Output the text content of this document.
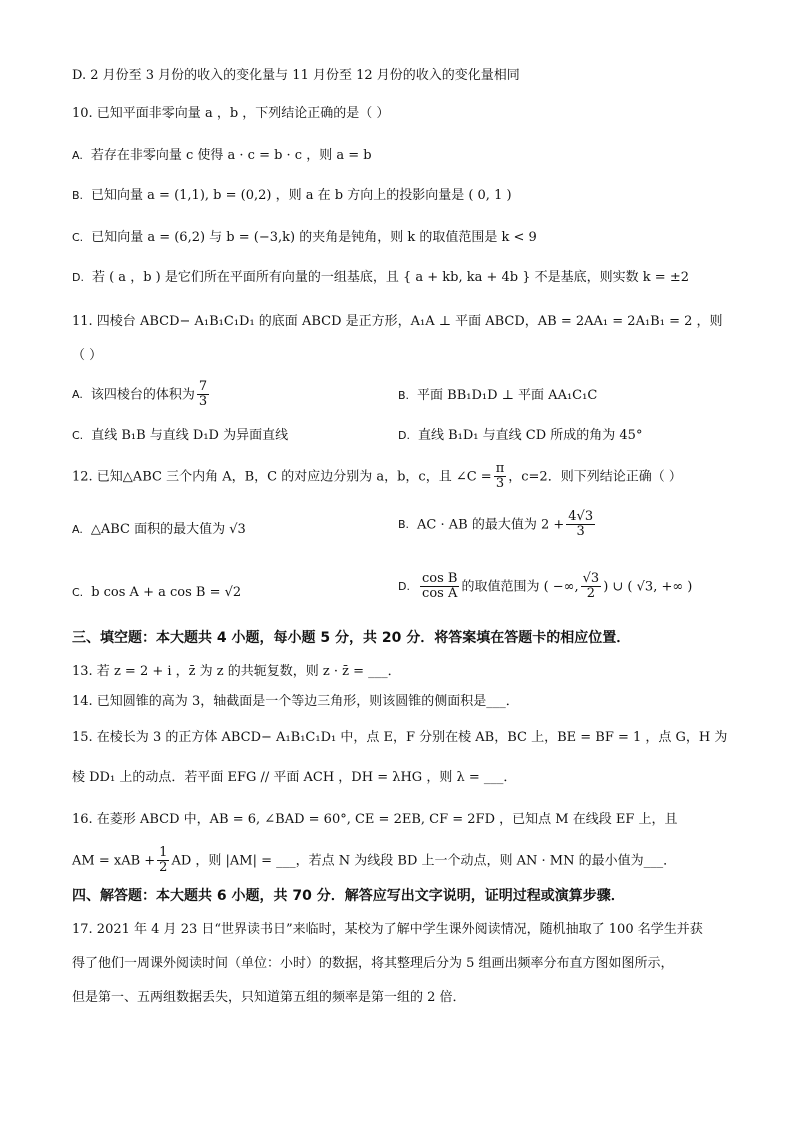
D. 2 月份至 3 月份的收入的变化量与 11 月份至 12 月份的收入的变化量相同
10. 已知平面非零向量 a ，b ，下列结论正确的是（ ）
A. 若存在非零向量 c 使得 a · c = b · c ，则 a = b
B. 已知向量 a = (1,1), b = (0,2) ，则 a 在 b 方向上的投影向量是 ( 0, 1 )
C. 已知向量 a = (6,2) 与 b = (−3,k) 的夹角是钝角，则 k 的取值范围是 k < 9
D. 若 ( a ，b ) 是它们所在平面所有向量的一组基底，且 { a + kb, ka + 4b } 不是基底，则实数 k = ±2
11. 四棱台 ABCD− A₁B₁C₁D₁ 的底面 ABCD 是正方形，A₁A ⊥ 平面 ABCD，AB = 2AA₁ = 2A₁B₁ = 2 ，则
（ ）
A. 该四棱台的体积为 $\frac{7}{3}$	B. 平面 BB₁D₁D ⊥ 平面 AA₁C₁C
C. 直线 B₁B 与直线 D₁D 为异面直线	D. 直线 B₁D₁ 与直线 CD 所成的角为 45°
12. 已知△ABC 三个内角 A，B，C 的对应边分别为 a，b，c，且 ∠C = $\frac{\pi}{3}$ ，c=2．则下列结论正确（ ）
A. △ABC 面积的最大值为 √3	B. AC · AB 的最大值为 $2 + \frac{4√3}{3}$
C. b cos A + a cos B = √2	D. $\frac{\text{cos B}}{\text{cos A}}$ 的取值范围为 ( −∞, $\frac{√3}{2}$ ) ∪ ( √3, +∞ )
三、填空题：本大题共 4 小题，每小题 5 分，共 20 分．将答案填在答题卡的相应位置．
13. 若 z = 2 + i ，z̄ 为 z 的共轭复数，则 z · z̄ = ___．
14. 已知圆锥的高为 3，轴截面是一个等边三角形，则该圆锥的侧面积是___．
15. 在棱长为 3 的正方体 ABCD− A₁B₁C₁D₁ 中，点 E，F 分别在棱 AB，BC 上，BE = BF = 1 ，点 G，H 为
棱 DD₁ 上的动点．若平面 EFG // 平面 ACH ，DH = λHG ，则 λ = ___．
16. 在菱形 ABCD 中，AB = 6, ∠BAD = 60°, CE = 2EB, CF = 2FD ，已知点 M 在线段 EF 上，且
AM = xAB + $\frac{1}{2}$ AD ，则 |AM| = ___，若点 N 为线段 BD 上一个动点，则 AN · MN 的最小值为___．
四、解答题：本大题共 6 小题，共 70 分．解答应写出文字说明，证明过程或演算步骤．
17. 2021 年 4 月 23 日“世界读书日”来临时，某校为了解中学生课外阅读情况，随机抽取了 100 名学生并获
得了他们一周课外阅读时间（单位：小时）的数据，将其整理后分为 5 组画出频率分布直方图如图所示，
但是第一、五两组数据丢失，只知道第五组的频率是第一组的 2 倍．
